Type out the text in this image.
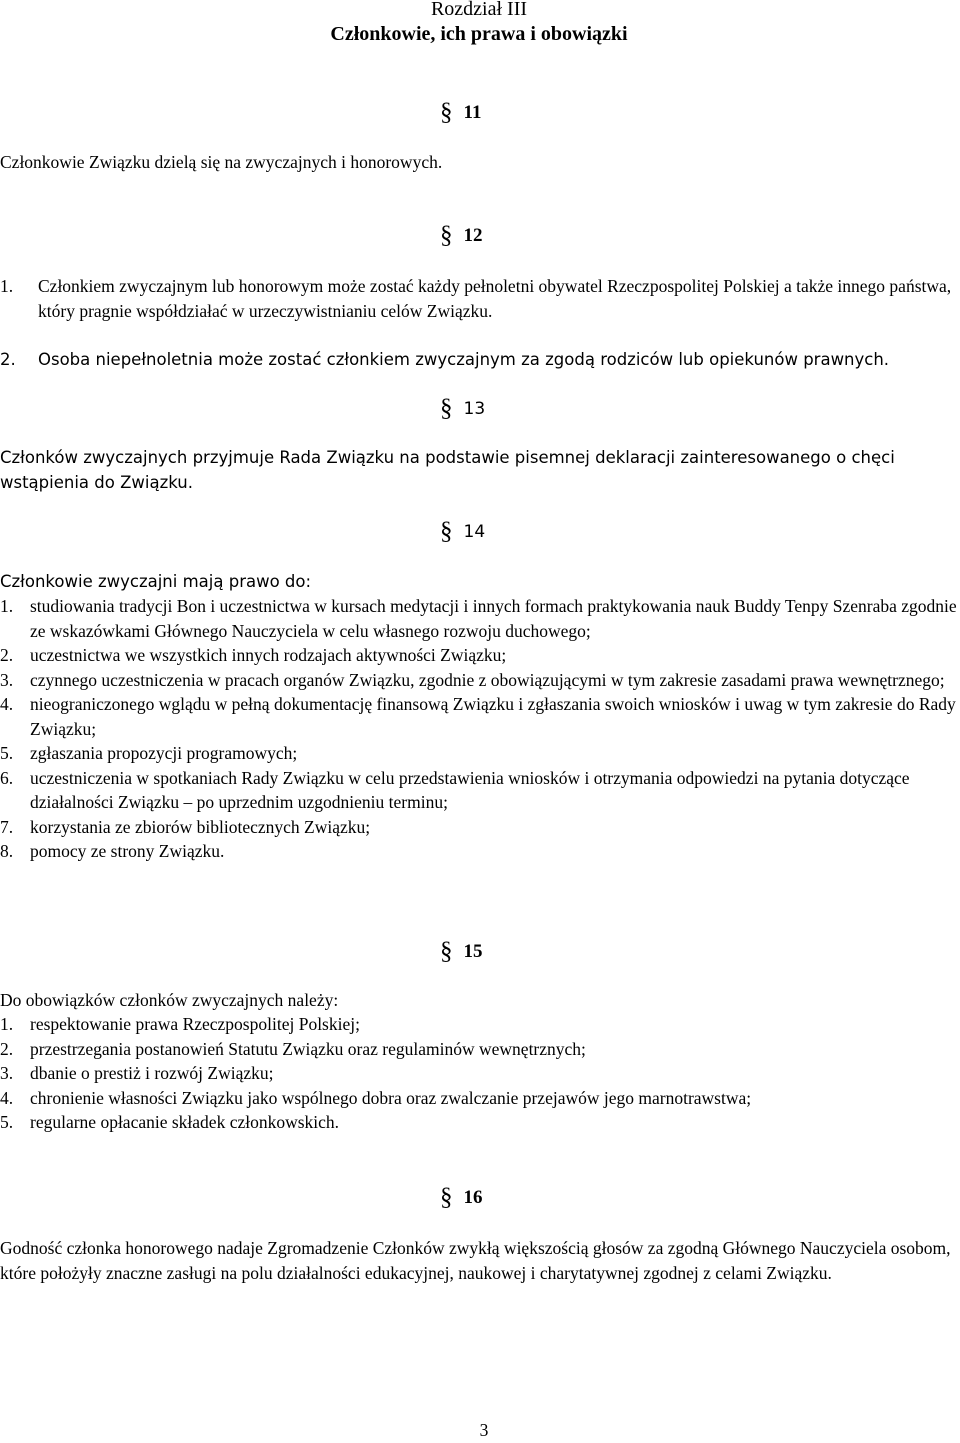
Rozdział III
Członkowie, ich prawa i obowiązki
§ 11

Członkowie Związku dzielą się na zwyczajnych i honorowych.

§ 12
1.	Członkiem zwyczajnym lub honorowym może zostać każdy pełnoletni obywatel Rzeczpospolitej Polskiej a także innego państwa, który pragnie współdziałać w urzeczywistnianiu celów Związku.
2.	Osoba niepełnoletnia może zostać członkiem zwyczajnym za zgodą rodziców lub opiekunów prawnych.
§ 13

Członków zwyczajnych przyjmuje Rada Związku na podstawie pisemnej deklaracji zainteresowanego o chęci wstąpienia do Związku.

§ 14

Członkowie zwyczajni mają prawo do:

1. studiowania tradycji Bon i uczestnictwa w kursach medytacji i innych formach praktykowania nauk Buddy Tenpy Szenraba zgodnie ze wskazówkami Głównego Nauczyciela w celu własnego rozwoju duchowego;
2. uczestnictwa we wszystkich innych rodzajach aktywności Związku;
3. czynnego uczestniczenia w pracach organów Związku, zgodnie z obowiązującymi w tym zakresie zasadami prawa wewnętrznego;
4. nieograniczonego wglądu w pełną dokumentację finansową Związku i zgłaszania swoich wniosków i uwag w tym zakresie do Rady Związku;
5. zgłaszania propozycji programowych;
6. uczestniczenia w spotkaniach Rady Związku w celu przedstawienia wniosków i otrzymania odpowiedzi na pytania dotyczące działalności Związku – po uprzednim uzgodnieniu terminu;
7. korzystania ze zbiorów bibliotecznych Związku;
8. pomocy ze strony Związku.
§ 15

Do obowiązków członków zwyczajnych należy:

1. respektowanie prawa Rzeczpospolitej Polskiej;
2. przestrzegania postanowień Statutu Związku oraz regulaminów wewnętrznych;
3. dbanie o prestiż i rozwój Związku;
4. chronienie własności Związku jako wspólnego dobra oraz zwalczanie przejawów jego marnotrawstwa;
5. regularne opłacanie składek członkowskich.
§ 16

Godność członka honorowego nadaje Zgromadzenie Członków zwykłą większością głosów za zgodną Głównego Nauczyciela osobom, które położyły znaczne zasługi na polu działalności edukacyjnej, naukowej i charytatywnej zgodnej z celami Związku.

3
